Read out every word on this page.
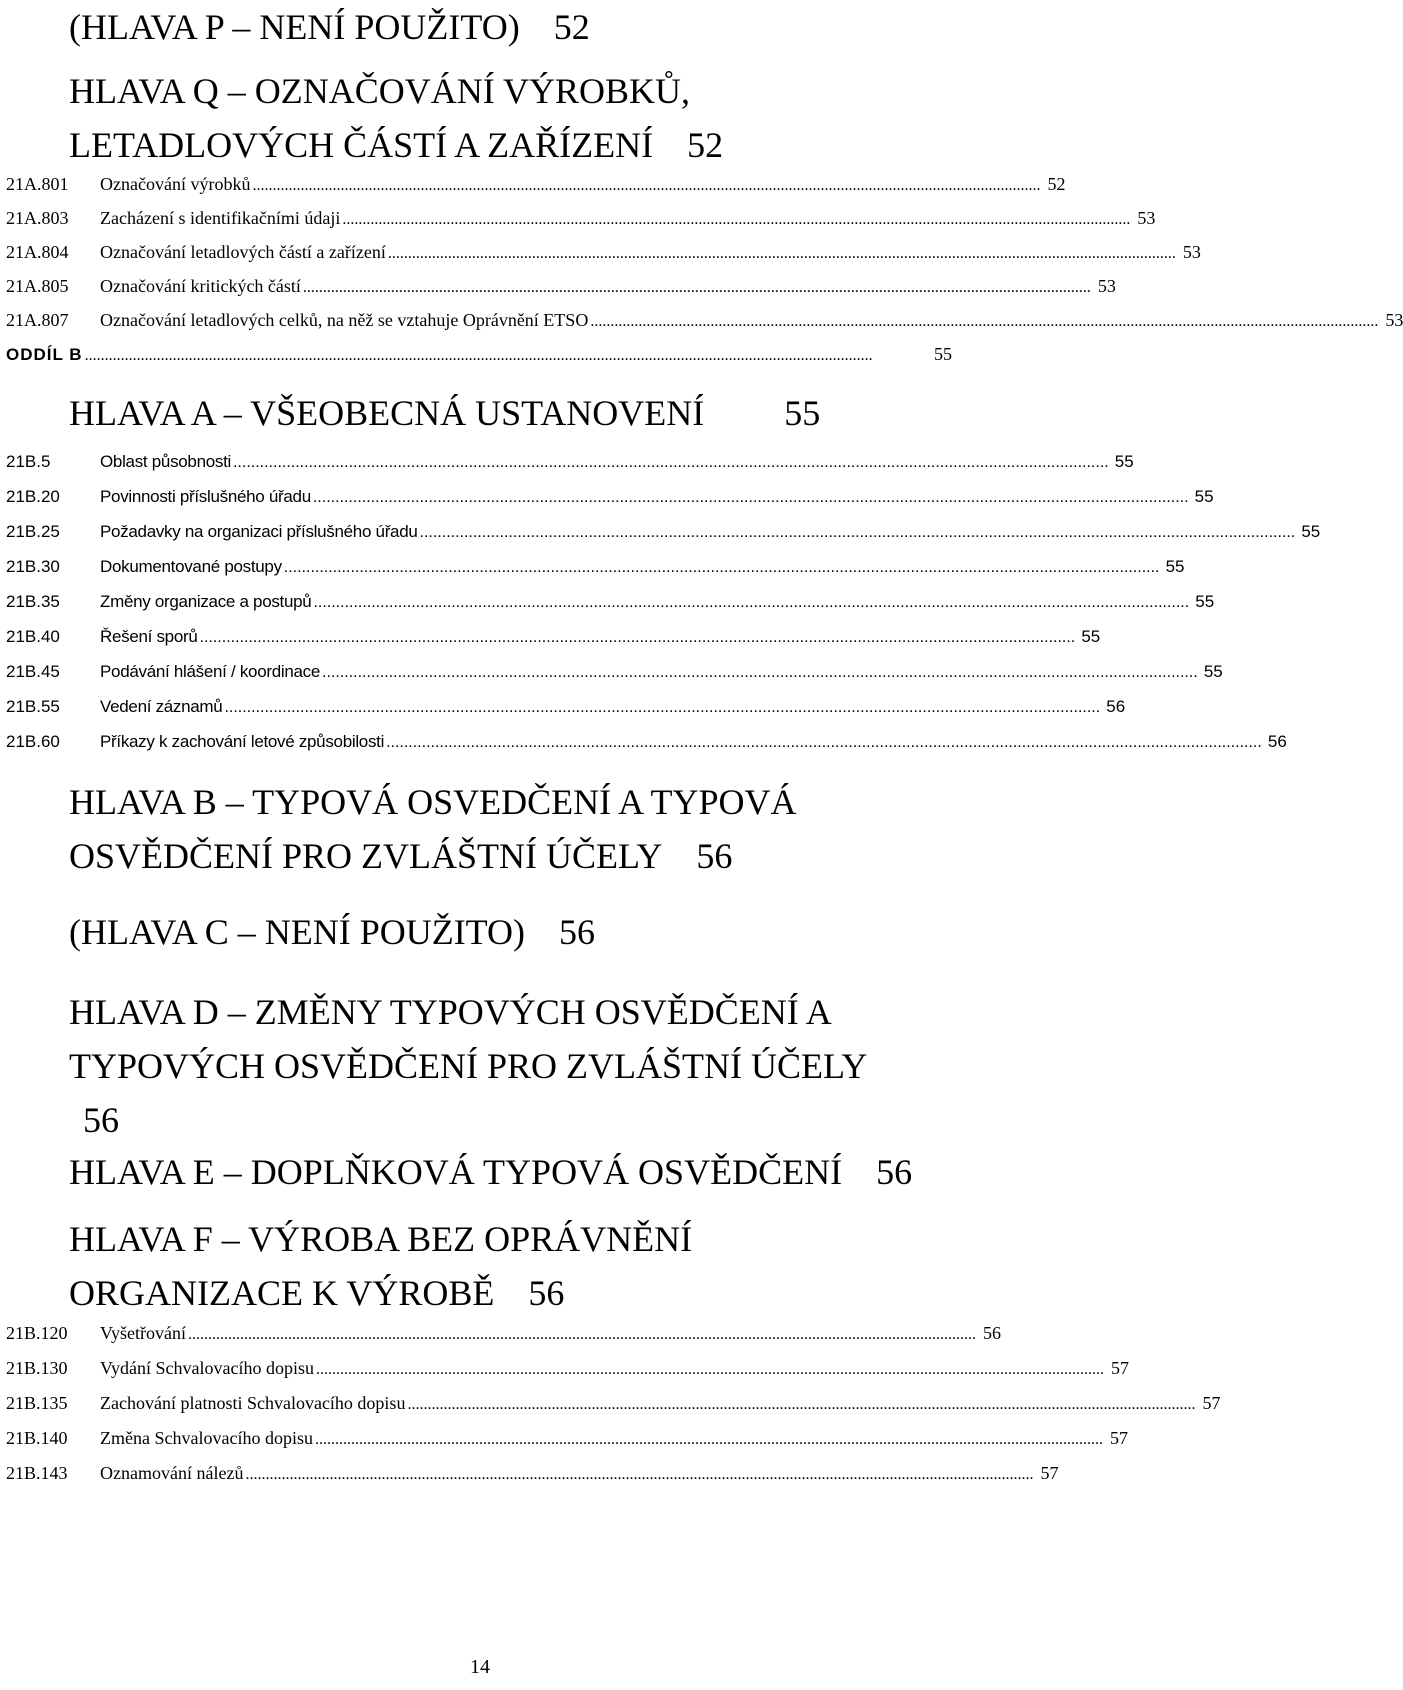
(HLAVA P – NENÍ POUŽITO) 52
HLAVA Q – OZNAČOVÁNÍ VÝROBKŮ,
LETADLOVÝCH ČÁSTÍ A ZAŘÍZENÍ 52
21A.801 Označování výrobků ..................................................................................................................................................................................................... 52
21A.803 Zacházení s identifikačními údaji ..................................................................................................................................................................................................... 53
21A.804 Označování letadlových částí a zařízení ..................................................................................................................................................................................................... 53
21A.805 Označování kritických částí ..................................................................................................................................................................................................... 53
21A.807 Označování letadlových celků, na něž se vztahuje Oprávnění ETSO ..................................................................................................................................................................................................... 53
ODDÍL B .....................................................................................................................................................................................................	55
HLAVA A – VŠEOBECNÁ USTANOVENÍ 55
21B.5	Oblast působnosti ..................................................................................................................................................................................................... 55
21B.20 Povinnosti příslušného úřadu ..................................................................................................................................................................................................... 55
21B.25 Požadavky na organizaci příslušného úřadu ..................................................................................................................................................................................................... 55
21B.30 Dokumentované postupy ..................................................................................................................................................................................................... 55
21B.35 Změny organizace a postupů ..................................................................................................................................................................................................... 55
21B.40 Řešení sporů ..................................................................................................................................................................................................... 55
21B.45 Podávání hlášení / koordinace ..................................................................................................................................................................................................... 55
21B.55 Vedení záznamů ..................................................................................................................................................................................................... 56
21B.60 Příkazy k zachování letové způsobilosti ..................................................................................................................................................................................................... 56
HLAVA B – TYPOVÁ OSVEDČENÍ A TYPOVÁ
OSVĚDČENÍ PRO ZVLÁŠTNÍ ÚČELY 56
(HLAVA C – NENÍ POUŽITO) 56
HLAVA D – ZMĚNY TYPOVÝCH OSVĚDČENÍ A
TYPOVÝCH OSVĚDČENÍ PRO ZVLÁŠTNÍ ÚČELY
56
HLAVA E – DOPLŇKOVÁ TYPOVÁ OSVĚDČENÍ 56
HLAVA F – VÝROBA BEZ OPRÁVNĚNÍ
ORGANIZACE K VÝROBĚ 56
21B.120 Vyšetřování ..................................................................................................................................................................................................... 56
21B.130 Vydání Schvalovacího dopisu ..................................................................................................................................................................................................... 57
21B.135 Zachování platnosti Schvalovacího dopisu ..................................................................................................................................................................................................... 57
21B.140 Změna Schvalovacího dopisu ..................................................................................................................................................................................................... 57
21B.143 Oznamování nálezů ..................................................................................................................................................................................................... 57
14
